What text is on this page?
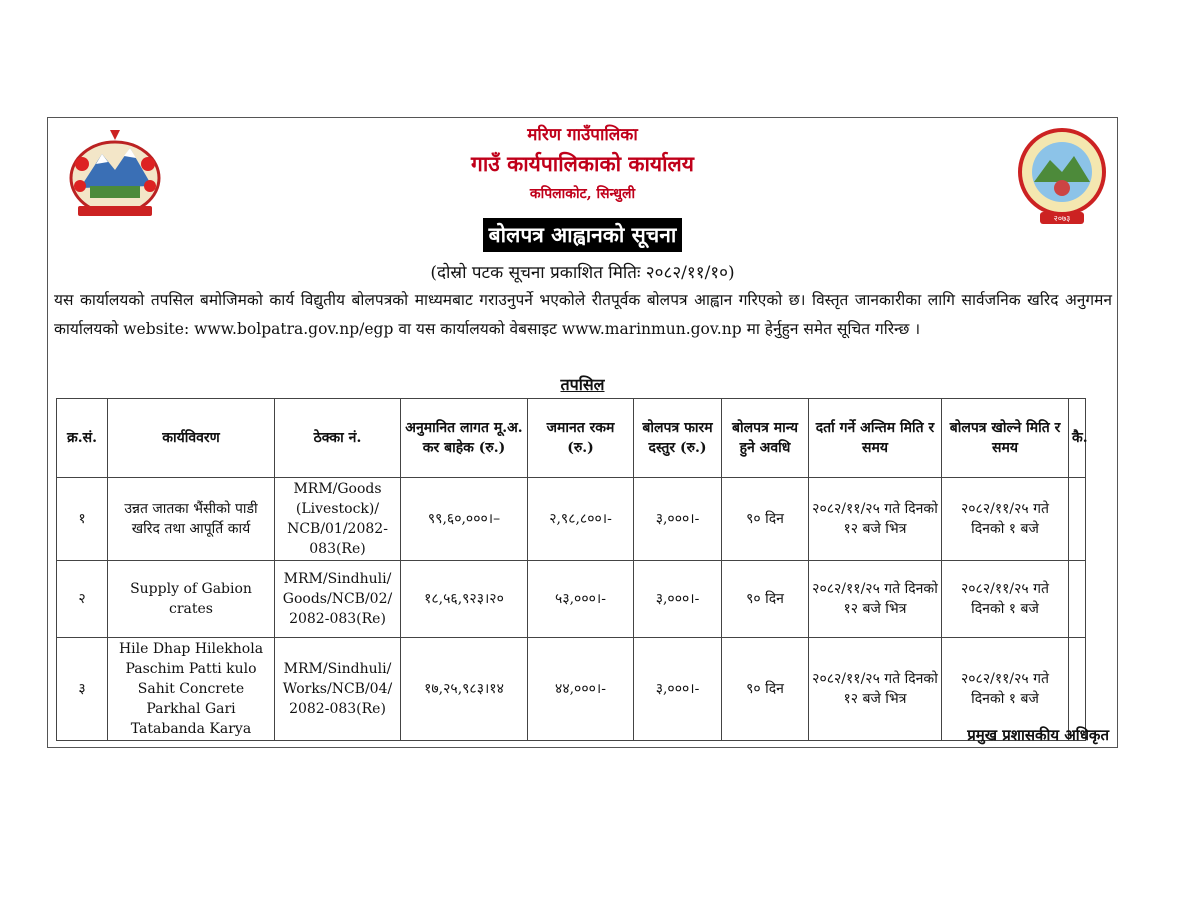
मरिण गाउँपालिका
गाउँ कार्यपालिकाको कार्यालय
कपिलाकोट, सिन्धुली
२०७३
बोलपत्र आह्वानको सूचना
(दोस्रो पटक सूचना प्रकाशित मितिः २०८२/११/१०)
यस कार्यालयको तपसिल बमोजिमको कार्य विद्युतीय बोलपत्रको माध्यमबाट गराउनुपर्ने भएकोले रीतपूर्वक बोलपत्र आह्वान गरिएको छ। विस्तृत जानकारीका लागि सार्वजनिक खरिद अनुगमन कार्यालयको website: www.bolpatra.gov.np/egp वा यस कार्यालयको वेबसाइट www.marinmun.gov.np मा हेर्नुहुन समेत सूचित गरिन्छ ।
तपसिल
क्र.सं.	कार्यविवरण	ठेक्का नं.	अनुमानित लागत मू.अ. कर बाहेक (रु.)	जमानत रकम (रु.)	बोलपत्र फारम दस्तुर (रु.)	बोलपत्र मान्य हुने अवधि	दर्ता गर्ने अन्तिम मिति र समय	बोलपत्र खोल्ने मिति र समय	कै.
१	उन्नत जातका भैंसीको पाडी खरिद तथा आपूर्ति कार्य	MRM/Goods (Livestock)/ NCB/01/2082-083(Re)	९९,६०,०००।–	२,९८,८००।-	३,०००।-	९० दिन	२०८२/११/२५ गते दिनको १२ बजे भित्र	२०८२/११/२५ गते दिनको १ बजे	
२	Supply of Gabion crates	MRM/Sindhuli/ Goods/NCB/02/ 2082-083(Re)	१८,५६,९२३।२०	५३,०००।-	३,०००।-	९० दिन	२०८२/११/२५ गते दिनको १२ बजे भित्र	२०८२/११/२५ गते दिनको १ बजे	
३	Hile Dhap Hilekhola Paschim Patti kulo Sahit Concrete Parkhal Gari Tatabanda Karya	MRM/Sindhuli/ Works/NCB/04/ 2082-083(Re)	१७,२५,९८३।१४	४४,०००।-	३,०००।-	९० दिन	२०८२/११/२५ गते दिनको १२ बजे भित्र	२०८२/११/२५ गते दिनको १ बजे	
प्रमुख प्रशासकीय अधिकृत
